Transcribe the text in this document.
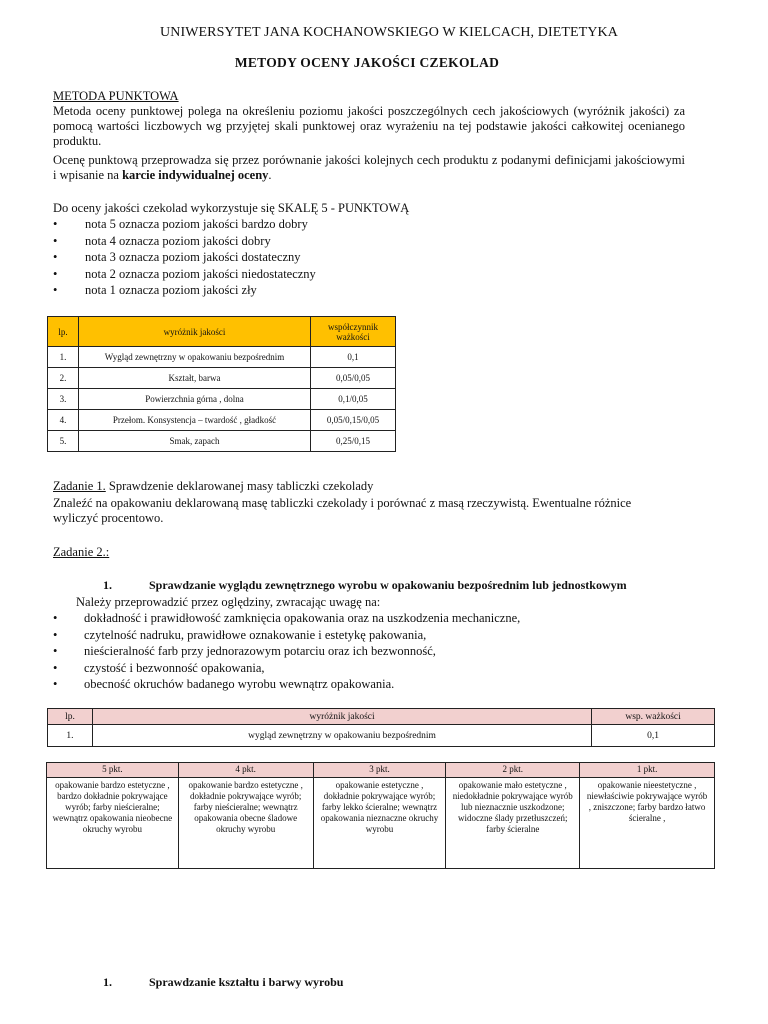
UNIWERSYTET JANA KOCHANOWSKIEGO W KIELCACH, DIETETYKA
METODY OCENY JAKOŚCI CZEKOLAD
METODA PUNKTOWA
Metoda oceny punktowej polega na określeniu poziomu jakości poszczególnych cech jakościowych (wyróżnik jakości) za pomocą wartości liczbowych wg przyjętej skali punktowej oraz wyrażeniu na tej podstawie jakości całkowitej ocenianego produktu.
Ocenę punktową przeprowadza się przez porównanie jakości kolejnych cech produktu z podanymi definicjami jakościowymi i wpisanie na karcie indywidualnej oceny.
Do oceny jakości czekolad wykorzystuje się SKALĘ 5 - PUNKTOWĄ
• nota 5 oznacza poziom jakości bardzo dobry
• nota 4 oznacza poziom jakości dobry
• nota 3 oznacza poziom jakości dostateczny
• nota 2 oznacza poziom jakości niedostateczny
• nota 1 oznacza poziom jakości zły
lp.	wyróżnik jakości	współczynnik ważkości
1.	Wygląd zewnętrzny w opakowaniu bezpośrednim	0,1
2.	Kształt, barwa	0,05/0,05
3.	Powierzchnia górna , dolna	0,1/0,05
4.	Przełom. Konsystencja – twardość , gładkość	0,05/0,15/0,05
5.	Smak, zapach	0,25/0,15
Zadanie 1. Sprawdzenie deklarowanej masy tabliczki czekolady
Znaleźć na opakowaniu deklarowaną masę tabliczki czekolady i porównać z masą rzeczywistą. Ewentualne różnice wyliczyć procentowo.
Zadanie 2.:
1.	Sprawdzanie wyglądu zewnętrznego wyrobu w opakowaniu bezpośrednim lub jednostkowym
Należy przeprowadzić przez oględziny, zwracając uwagę na:
• dokładność i prawidłowość zamknięcia opakowania oraz na uszkodzenia mechaniczne,
• czytelność nadruku, prawidłowe oznakowanie i estetykę pakowania,
• nieścieralność farb przy jednorazowym potarciu oraz ich bezwonność,
• czystość i bezwonność opakowania,
• obecność okruchów badanego wyrobu wewnątrz opakowania.
lp.	wyróżnik jakości	wsp. ważkości
1.	wygląd zewnętrzny w opakowaniu bezpośrednim	0,1
5 pkt.	4 pkt.	3 pkt.	2 pkt.	1 pkt.
opakowanie bardzo estetyczne , bardzo dokładnie pokrywające wyrób; farby nieścieralne; wewnątrz opakowania nieobecne okruchy wyrobu	opakowanie bardzo estetyczne , dokładnie pokrywające wyrób; farby nieścieralne; wewnątrz opakowania obecne śladowe okruchy wyrobu	opakowanie estetyczne , dokładnie pokrywające wyrób; farby lekko ścieralne; wewnątrz opakowania nieznaczne okruchy wyrobu	opakowanie mało estetyczne , niedokładnie pokrywające wyrób lub nieznacznie uszkodzone; widoczne ślady przetłuszczeń; farby ścieralne	opakowanie nieestetyczne , niewłaściwie pokrywające wyrób , zniszczone; farby bardzo łatwo ścieralne ,
1.	Sprawdzanie kształtu i barwy wyrobu
